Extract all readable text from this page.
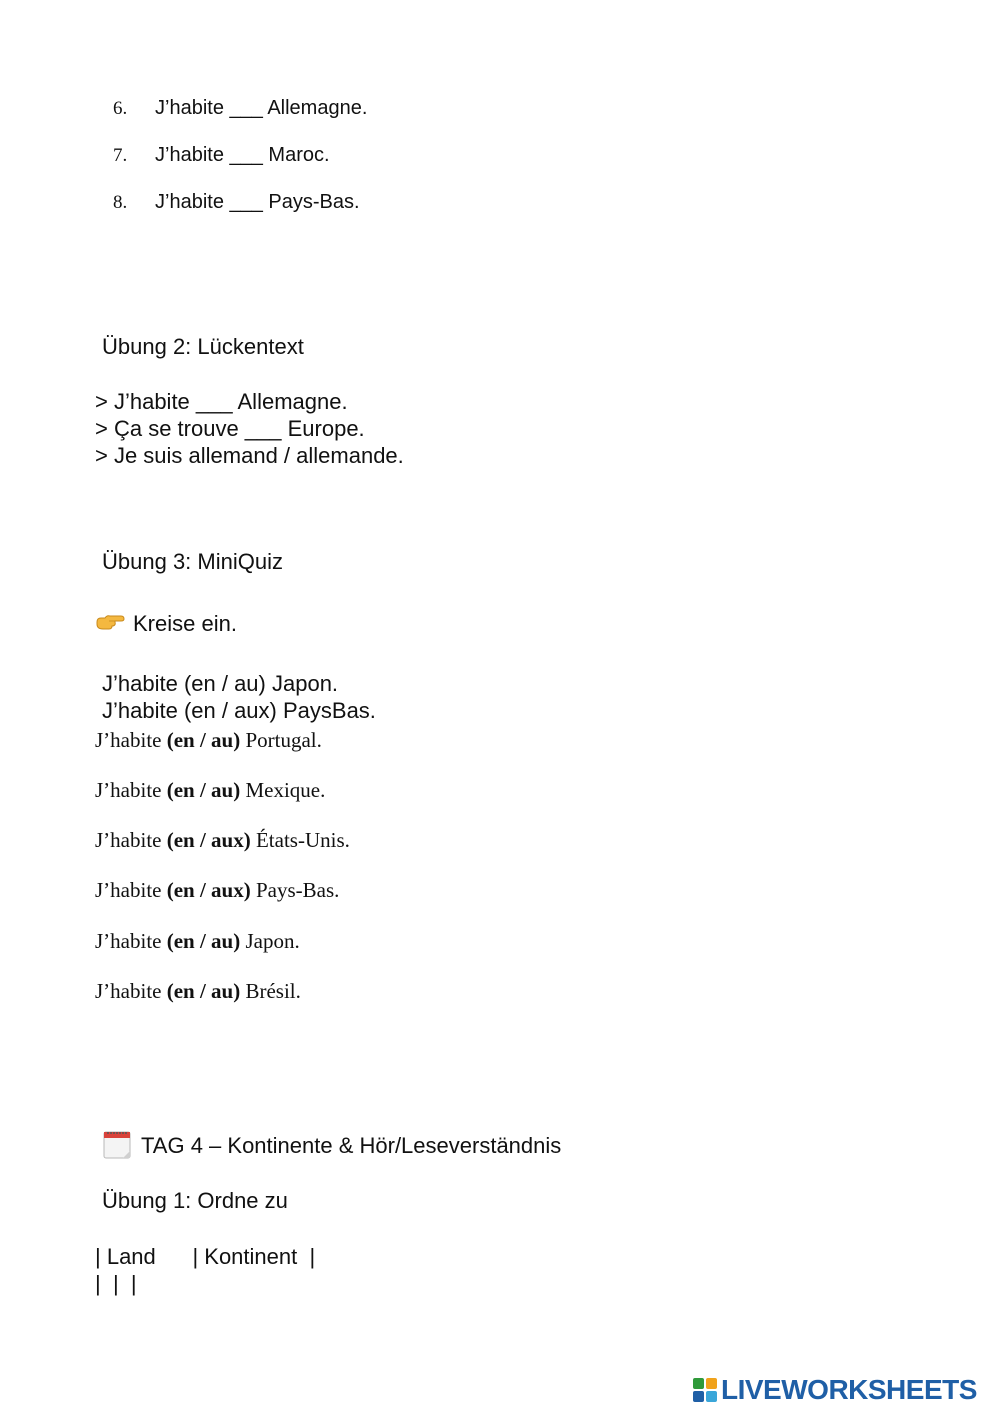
6.	J’habite ___ Allemagne.
7.	J’habite ___ Maroc.
8.	J’habite ___ Pays-Bas.
Übung 2: Lückentext
> J’habite ___ Allemagne.
> Ça se trouve ___ Europe.
> Je suis allemand / allemande.
Übung 3: MiniQuiz
Kreise ein.
J’habite (en / au) Japon.
J’habite (en / aux) PaysBas.
J’habite (en / au) Portugal.
J’habite (en / au) Mexique.
J’habite (en / aux) États-Unis.
J’habite (en / aux) Pays-Bas.
J’habite (en / au) Japon.
J’habite (en / au) Brésil.
TAG 4 – Kontinente & Hör/Leseverständnis
Übung 1: Ordne zu
| Land      | Kontinent  |
|  |  |
LIVEWORKSHEETS
